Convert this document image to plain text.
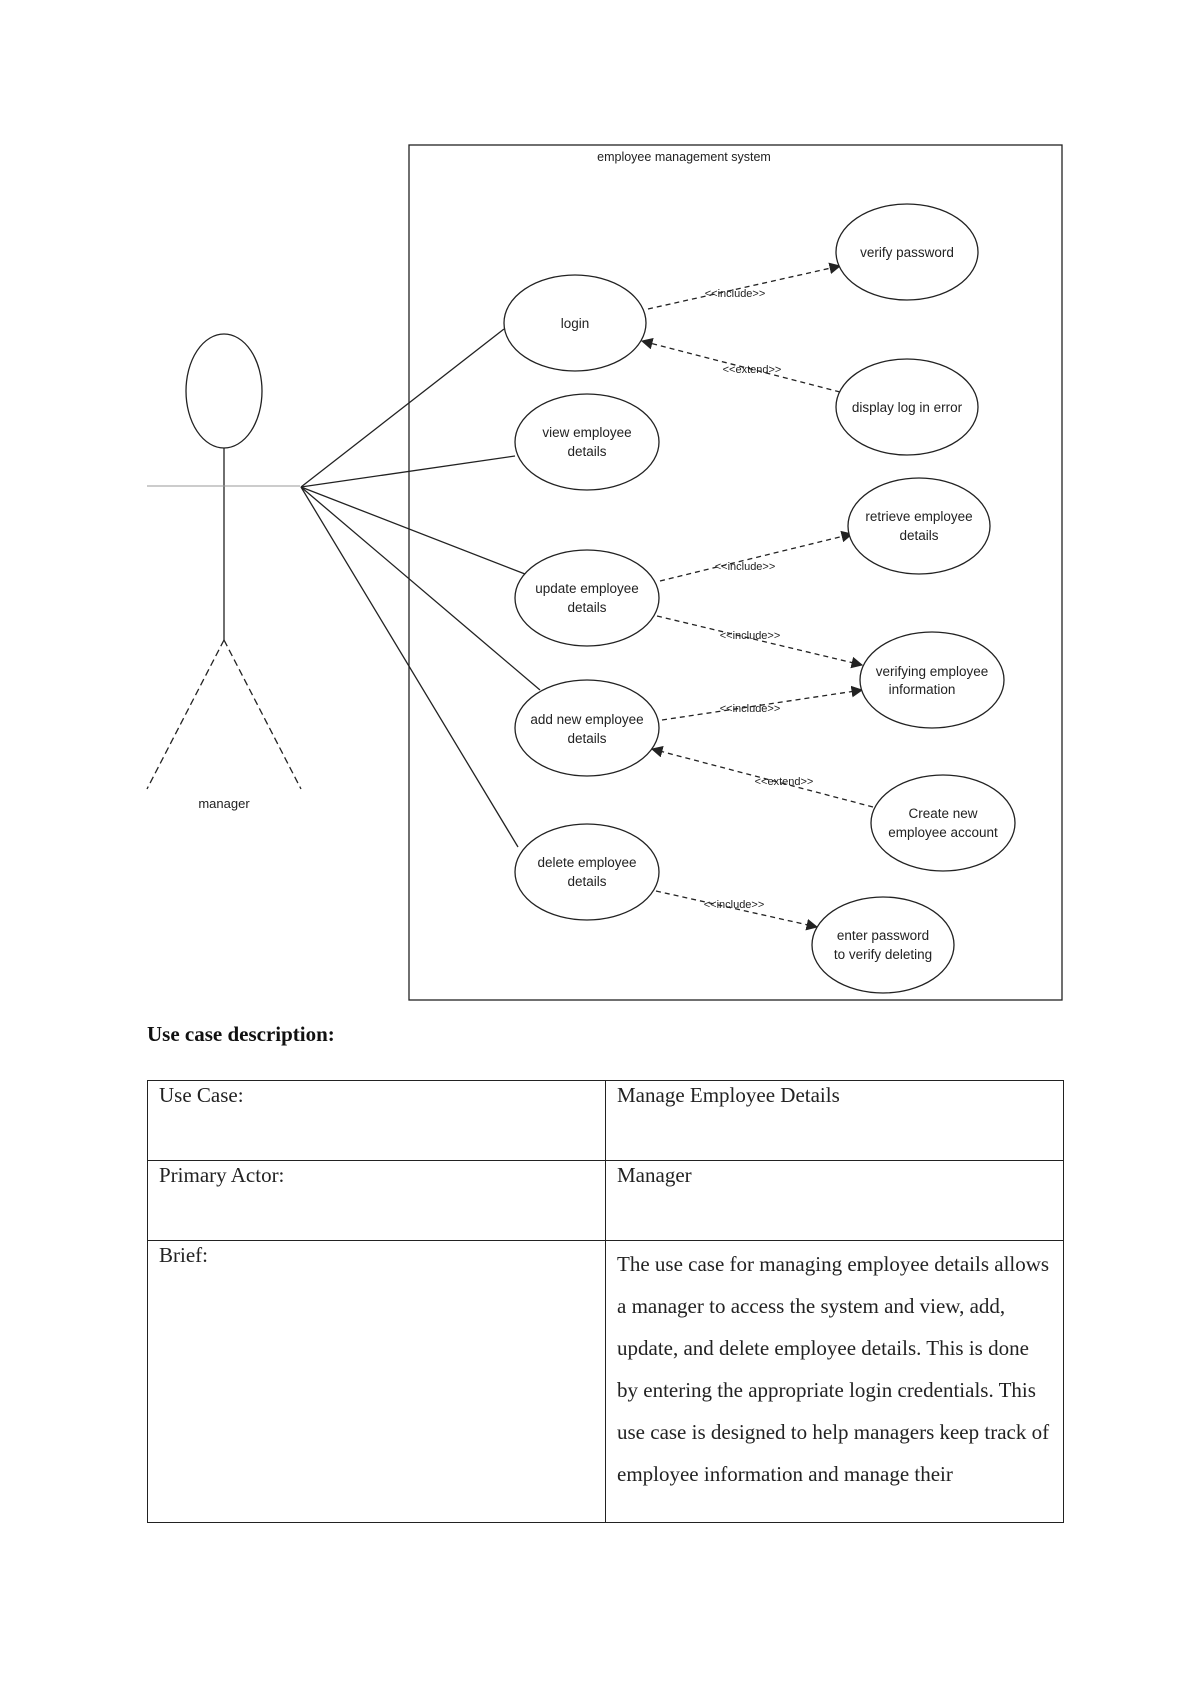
employee management system
manager
<<include>>
<<extend>>
<<include>>
<<include>>
<<include>>
<<extend>>
<<include>>
login
view employee
details
update employee
details
add new employee
details
delete employee
details
verify password
display log in error
retrieve employee
details
verifying employee
information
Create new
employee account
enter password
to verify deleting
Use case description:
Use Case:	Manage Employee Details
Primary Actor:	Manager
Brief:	The use case for managing employee details allows a manager to access the system and view, add, update, and delete employee details. This is done by entering the appropriate login credentials. This use case is designed to help managers keep track of employee information and manage their
